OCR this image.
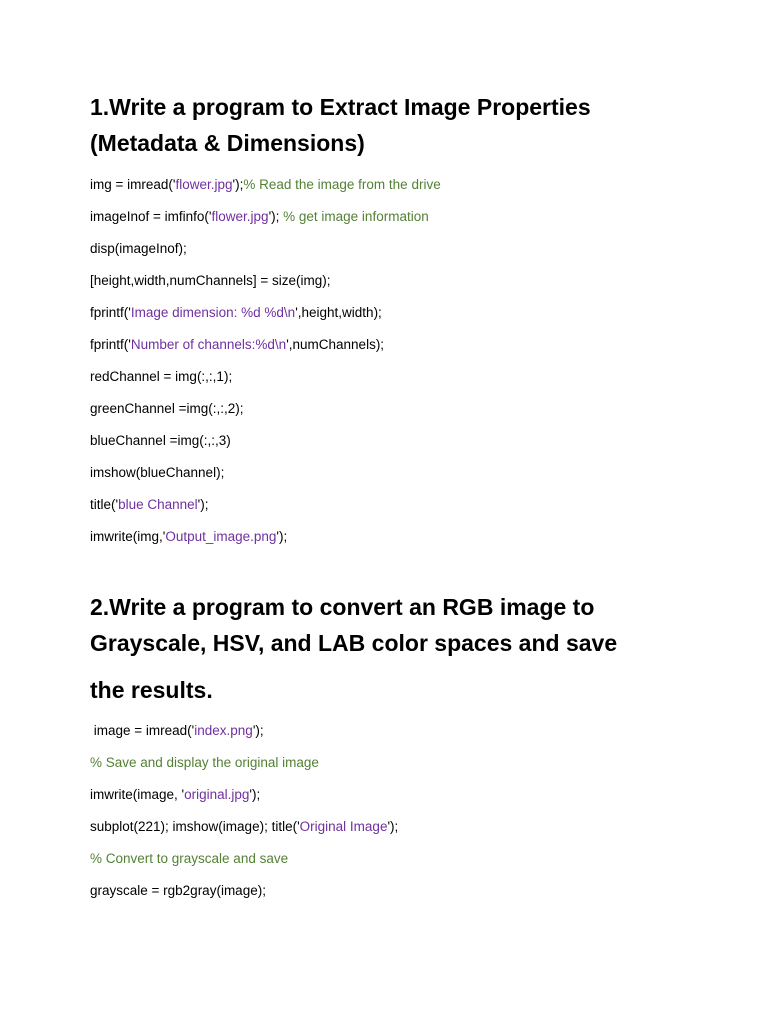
1.Write a program to Extract Image Properties
(Metadata & Dimensions)

img = imread('flower.jpg');% Read the image from the drive

imageInof = imfinfo('flower.jpg'); % get image information

disp(imageInof);

[height,width,numChannels] = size(img);

fprintf('Image dimension: %d %d\n',height,width);

fprintf('Number of channels:%d\n',numChannels);

redChannel = img(:,:,1);

greenChannel =img(:,:,2);

blueChannel =img(:,:,3)

imshow(blueChannel);

title('blue Channel');

imwrite(img,'Output_image.png');

2.Write a program to convert an RGB image to
Grayscale, HSV, and LAB color spaces and save
the results.

image = imread('index.png');

% Save and display the original image

imwrite(image, 'original.jpg');

subplot(221); imshow(image); title('Original Image');

% Convert to grayscale and save

grayscale = rgb2gray(image);
